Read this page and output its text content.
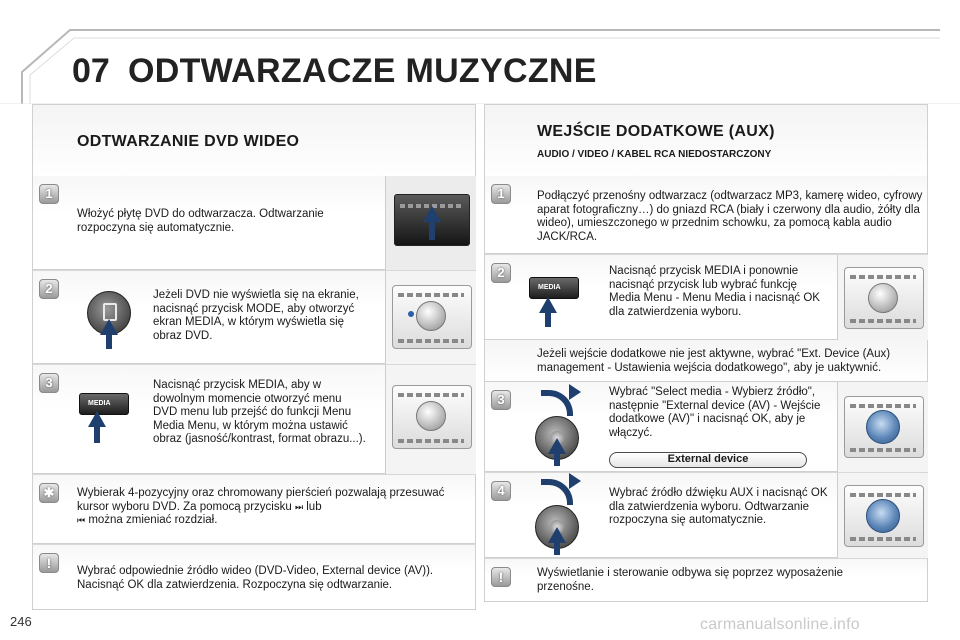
07 ODTWARZACZE MUZYCZNE
ODTWARZANIE DVD WIDEO
1
Włożyć płytę DVD do odtwarzacza. Odtwarzanie rozpoczyna się automatycznie.
2	Jeżeli DVD nie wyświetla się na ekranie, nacisnąć przycisk MODE, aby otworzyć ekran MEDIA, w którym wyświetla się obraz DVD.
3
MEDIA
Nacisnąć przycisk MEDIA, aby w dowolnym momencie otworzyć menu DVD menu lub przejść do funkcji Menu Media Menu, w którym można ustawić obraz (jasność/kontrast, format obrazu...).
✱	Wybierak 4-pozycyjny oraz chromowany pierścień pozwalają przesuwać kursor wyboru DVD. Za pomocą przycisku ⏭ lub
⏮ można zmieniać rozdział.
!	Wybrać odpowiednie źródło wideo (DVD-Video, External device (AV)). Nacisnąć OK dla zatwierdzenia. Rozpoczyna się odtwarzanie.
WEJŚCIE DODATKOWE (AUX)
AUDIO / VIDEO / KABEL RCA NIEDOSTARCZONY
1	Podłączyć przenośny odtwarzacz (odtwarzacz MP3, kamerę wideo, cyfrowy aparat fotograficzny…) do gniazd RCA (biały i czerwony dla audio, żółty dla wideo), umieszczonego w przednim schowku, za pomocą kabla audio JACK/RCA.
2
MEDIA
Nacisnąć przycisk MEDIA i ponownie nacisnąć przycisk lub wybrać funkcję Media Menu - Menu Media i nacisnąć OK dla zatwierdzenia wyboru.
Jeżeli wejście dodatkowe nie jest aktywne, wybrać "Ext. Device (Aux) management - Ustawienia wejścia dodatkowego", aby je uaktywnić.
3	Wybrać "Select media - Wybierz źródło", następnie "External device (AV) - Wejście dodatkowe (AV)" i nacisnąć OK, aby je włączyć.
External device
4	Wybrać źródło dźwięku AUX i nacisnąć OK dla zatwierdzenia wyboru. Odtwarzanie rozpoczyna się automatycznie.
!	Wyświetlanie i sterowanie odbywa się poprzez wyposażenie przenośne.
246	carmanualsonline.info
